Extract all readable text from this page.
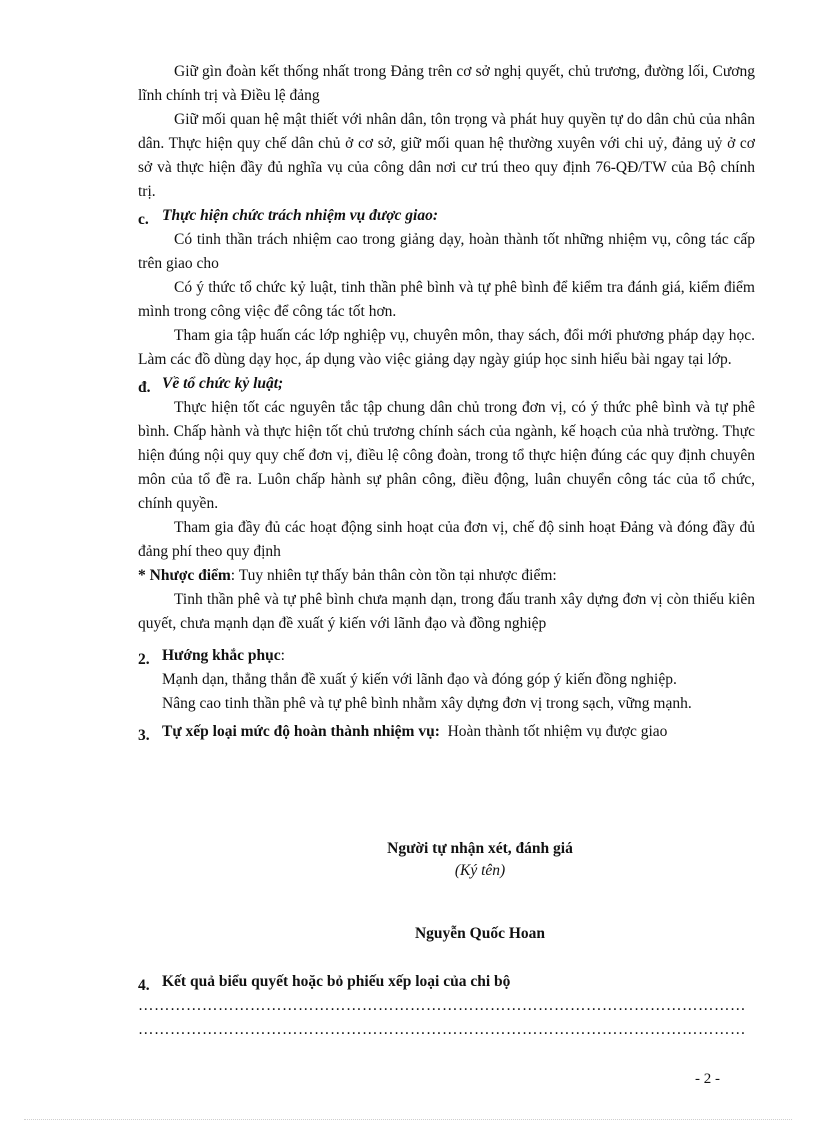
Giữ gìn đoàn kết thống nhất trong Đảng trên cơ sở nghị quyết, chủ trương, đường lối, Cương lĩnh chính trị và Điều lệ đảng

Giữ mối quan hệ mật thiết với nhân dân, tôn trọng và phát huy quyền tự do dân chủ của nhân dân. Thực hiện quy chế dân chủ ở cơ sở, giữ mối quan hệ thường xuyên với chi uỷ, đảng uỷ ở cơ sở và thực hiện đầy đủ nghĩa vụ của công dân nơi cư trú theo quy định 76-QĐ/TW của Bộ chính trị.

c. Thực hiện chức trách nhiệm vụ được giao:

Có tinh thần trách nhiệm cao trong giảng dạy, hoàn thành tốt những nhiệm vụ, công tác cấp trên giao cho

Có ý thức tổ chức kỷ luật, tinh thần phê bình và tự phê bình để kiểm tra đánh giá, kiểm điểm mình trong công việc để công tác tốt hơn.

Tham gia tập huấn các lớp nghiệp vụ, chuyên môn, thay sách, đổi mới phương pháp dạy học. Làm các đồ dùng dạy học, áp dụng vào việc giảng dạy ngày giúp học sinh hiểu bài ngay tại lớp.

đ. Về tổ chức kỷ luật;

Thực hiện tốt các nguyên tắc tập chung dân chủ trong đơn vị, có ý thức phê bình và tự phê bình. Chấp hành và thực hiện tốt chủ trương chính sách của ngành, kế hoạch của nhà trường. Thực hiện đúng nội quy quy chế đơn vị, điều lệ công đoàn, trong tổ thực hiện đúng các quy định chuyên môn của tổ đề ra. Luôn chấp hành sự phân công, điều động, luân chuyển công tác của tổ chức, chính quyền.

Tham gia đầy đủ các hoạt động sinh hoạt của đơn vị, chế độ sinh hoạt Đảng và đóng đầy đủ đảng phí theo quy định

* Nhược điểm: Tuy nhiên tự thấy bản thân còn tồn tại nhược điểm:

Tinh thần phê và tự phê bình chưa mạnh dạn, trong đấu tranh xây dựng đơn vị còn thiếu kiên quyết, chưa mạnh dạn đề xuất ý kiến với lãnh đạo và đồng nghiệp

2. Hướng khắc phục:

Mạnh dạn, thẳng thắn đề xuất ý kiến với lãnh đạo và đóng góp ý kiến đồng nghiệp.

Nâng cao tinh thần phê và tự phê bình nhằm xây dựng đơn vị trong sạch, vững mạnh.

3. Tự xếp loại mức độ hoàn thành nhiệm vụ:  Hoàn thành tốt nhiệm vụ được giao
Người tự nhận xét, đánh giá
(Ký tên)
Nguyễn Quốc Hoan
4. Kết quả biểu quyết hoặc bỏ phiếu xếp loại của chi bộ

……………………………………………………………………………………………………

……………………………………………………………………………………………………

- 2 -
